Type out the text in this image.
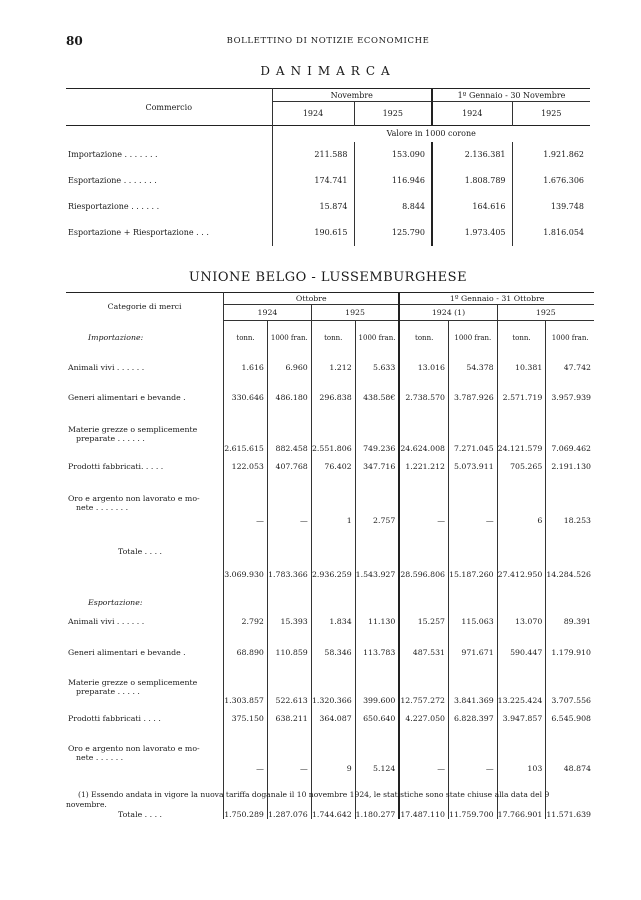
80	BOLLETTINO DI NOTIZIE ECONOMICHE
DANIMARCA
Commercio	Novembre		1º Gennaio - 30 Novembre	
	1924	1925	1924	1925
	Valore in 1000 corone			
Importazione . . . . . . .	211.588	153.090	2.136.381	1.921.862
Esportazione . . . . . . .	174.741	116.946	1.808.789	1.676.306
Riesportazione . . . . . .	15.874	8.844	164.616	139.748
Esportazione + Riesportazione . . .	190.615	125.790	1.973.405	1.816.054
UNIONE BELGO - LUSSEMBURGHESE
Categorie di merci	Ottobre				1º Gennaio - 31 Ottobre			
	1924		1925		1924 (1)		1925	
Importazione:	tonn.	1000 fran.	tonn.	1000 fran.	tonn.	1000 fran.	tonn.	1000 fran.

Animali vivi . . . . . .	1.616	6.960	1.212	5.633	13.016	54.378	10.381	47.742

Generi alimentari e bevande .	330.646	486.180	296.838	438.58€	2.738.570	3.787.926	2.571.719	3.957.939

Materie grezze o semplicemente
preparate . . . . . .	2.615.615	882.458	2.551.806	749.236	24.624.008	7.271.045	24.121.579	7.069.462

Prodotti fabbricati. . . . .	122.053	407.768	76.402	347.716	1.221.212	5.073.911	705.265	2.191.130

Oro e argento non lavorato e mo-
nete . . . . . . .	—	—	1	2.757	—	—	6	18.253
Totale . . . .	3.069.930	1.783.366	2.936.259	1.543.927	28.596.806	15.187.260	27.412.950	14.284.526
Esportazione:								

Animali vivi . . . . . .	2.792	15.393	1.834	11.130	15.257	115.063	13.070	89.391

Generi alimentari e bevande .	68.890	110.859	58.346	113.783	487.531	971.671	590.447	1.179.910

Materie grezze o semplicemente
preparate . . . . .	1.303.857	522.613	1.320.366	399.600	12.757.272	3.841.369	13.225.424	3.707.556

Prodotti fabbricati . . . .	375.150	638.211	364.087	650.640	4.227.050	6.828.397	3.947.857	6.545.908

Oro e argento non lavorato e mo-
nete . . . . . .	—	—	9	5.124	—	—	103	48.874
Totale . . . .	1.750.289	1.287.076	1.744.642	1.180.277	17.487.110	11.759.700	17.766.901	11.571.639
(1) Essendo andata in vigore la nuova tariffa doganale il 10 novembre 1924, le statistiche sono state chiuse alla data del 9 novembre.
